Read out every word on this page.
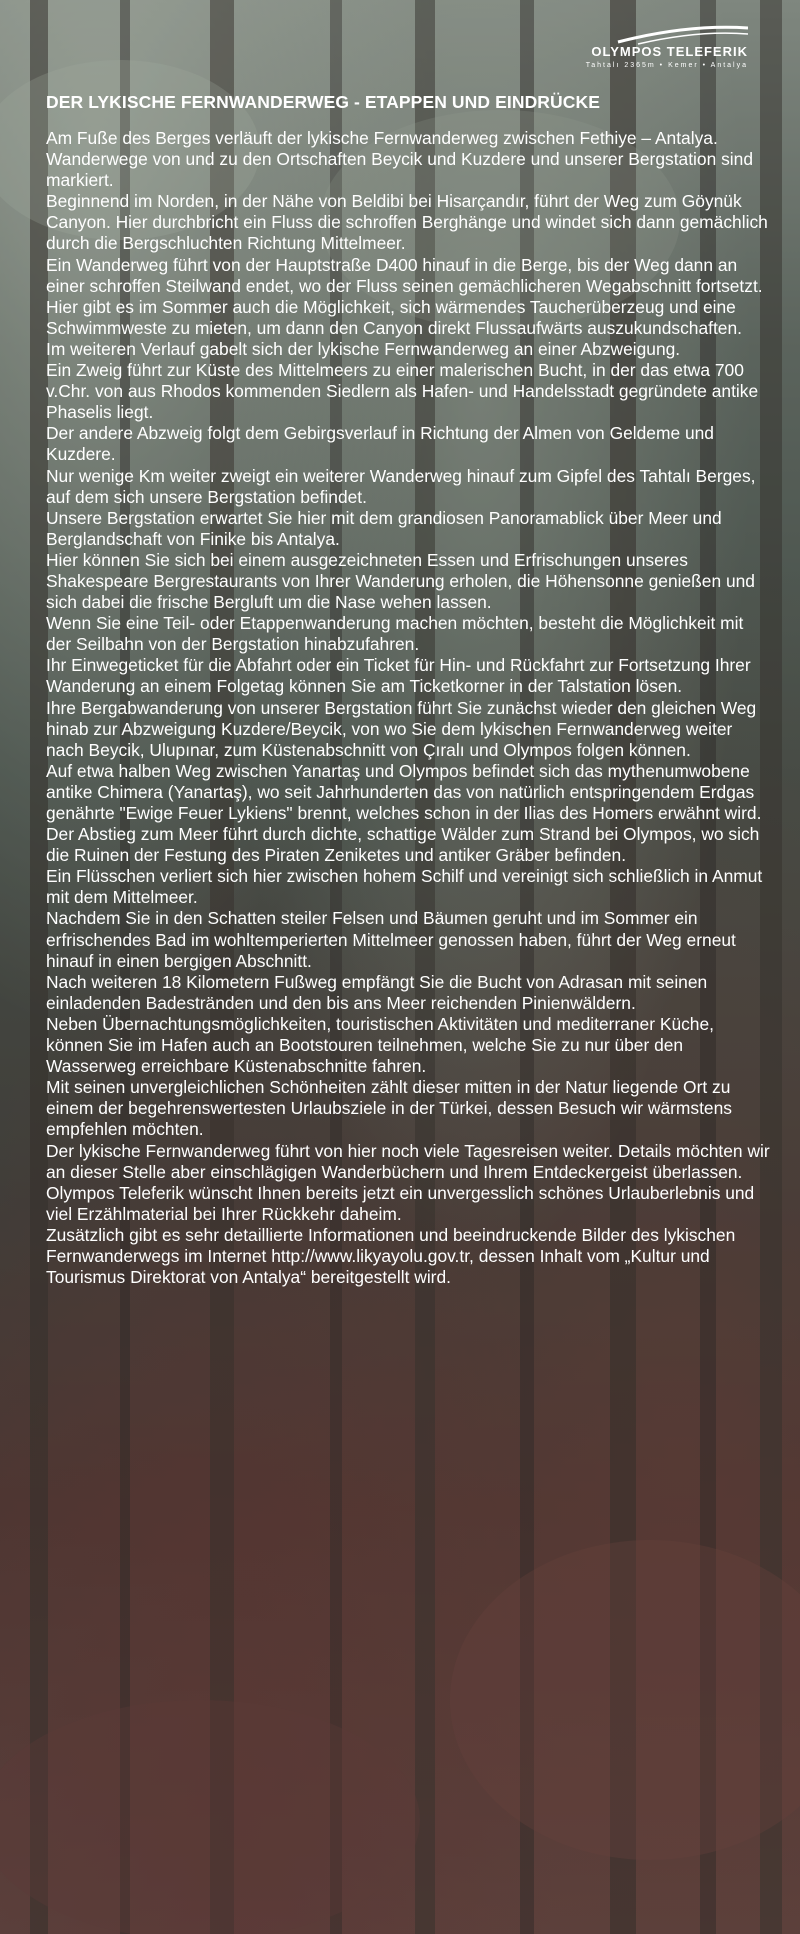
OLYMPOS TELEFERIK
Tahtalı 2365m • Kemer • Antalya
DER LYKISCHE FERNWANDERWEG - ETAPPEN UND EINDRÜCKE

Am Fuße des Berges verläuft der lykische Fernwanderweg zwischen Fethiye – Antalya. Wanderwege von und zu den Ortschaften Beycik und Kuzdere und unserer Bergstation sind markiert.

Beginnend im Norden, in der Nähe von Beldibi bei Hisarçandır, führt der Weg zum Göynük Canyon. Hier durchbricht ein Fluss die schroffen Berghänge und windet sich dann gemächlich durch die Bergschluchten Richtung Mittelmeer.

Ein Wanderweg führt von der Hauptstraße D400 hinauf in die Berge, bis der Weg dann an einer schroffen Steilwand endet, wo der Fluss seinen gemächlicheren Wegabschnitt fortsetzt.

Hier gibt es im Sommer auch die Möglichkeit, sich wärmendes Taucherüberzeug und eine Schwimmweste zu mieten, um dann den Canyon direkt Flussaufwärts auszukundschaften.

Im weiteren Verlauf gabelt sich der lykische Fernwanderweg an einer Abzweigung.

Ein Zweig führt zur Küste des Mittelmeers zu einer malerischen Bucht, in der das etwa 700 v.Chr. von aus Rhodos kommenden Siedlern als Hafen- und Handelsstadt gegründete antike Phaselis liegt.

Der andere Abzweig folgt dem Gebirgsverlauf in Richtung der Almen von Geldeme und Kuzdere.

Nur wenige Km weiter zweigt ein weiterer Wanderweg hinauf zum Gipfel des Tahtalı Berges, auf dem sich unsere Bergstation befindet.

Unsere Bergstation erwartet Sie hier mit dem grandiosen Panoramablick über Meer und Berglandschaft von Finike bis Antalya.

Hier können Sie sich bei einem ausgezeichneten Essen und Erfrischungen unseres Shakespeare Bergrestaurants von Ihrer Wanderung erholen, die Höhensonne genießen und sich dabei die frische Bergluft um die Nase wehen lassen.

Wenn Sie eine Teil- oder Etappenwanderung machen möchten, besteht die Möglichkeit mit der Seilbahn von der Bergstation hinabzufahren.

Ihr Einwegeticket für die Abfahrt oder ein Ticket für Hin- und Rückfahrt zur Fortsetzung Ihrer Wanderung an einem Folgetag können Sie am Ticketkorner in der Talstation lösen.

Ihre Bergabwanderung von unserer Bergstation führt Sie zunächst wieder den gleichen Weg hinab zur Abzweigung Kuzdere/Beycik, von wo Sie dem lykischen Fernwanderweg weiter nach Beycik, Ulupınar, zum Küstenabschnitt von Çıralı und Olympos folgen können.

Auf etwa halben Weg zwischen Yanartaş und Olympos befindet sich das mythenumwobene antike Chimera (Yanartaş), wo seit Jahrhunderten das von natürlich entspringendem Erdgas genährte "Ewige Feuer Lykiens" brennt, welches schon in der Ilias des Homers erwähnt wird.

Der Abstieg zum Meer führt durch dichte, schattige Wälder zum Strand bei Olympos, wo sich die Ruinen der Festung des Piraten Zeniketes und antiker Gräber befinden.

Ein Flüsschen verliert sich hier zwischen hohem Schilf und vereinigt sich schließlich in Anmut mit dem Mittelmeer.

Nachdem Sie in den Schatten steiler Felsen und Bäumen geruht und im Sommer ein erfrischendes Bad im wohltemperierten Mittelmeer genossen haben, führt der Weg erneut hinauf in einen bergigen Abschnitt.

Nach weiteren 18 Kilometern Fußweg empfängt Sie die Bucht von Adrasan mit seinen einladenden Badestränden und den bis ans Meer reichenden Pinienwäldern.

Neben Übernachtungsmöglichkeiten, touristischen Aktivitäten und mediterraner Küche, können Sie im Hafen auch an Bootstouren teilnehmen, welche Sie zu nur über den Wasserweg erreichbare Küstenabschnitte fahren.

Mit seinen unvergleichlichen Schönheiten zählt dieser mitten in der Natur liegende Ort zu einem der begehrenswertesten Urlaubsziele in der Türkei, dessen Besuch wir wärmstens empfehlen möchten.

Der lykische Fernwanderweg führt von hier noch viele Tagesreisen weiter. Details möchten wir an dieser Stelle aber einschlägigen Wanderbüchern und Ihrem Entdeckergeist überlassen.

Olympos Teleferik wünscht Ihnen bereits jetzt ein unvergesslich schönes Urlauberlebnis und viel Erzählmaterial bei Ihrer Rückkehr daheim.

Zusätzlich gibt es sehr detaillierte Informationen und beeindruckende Bilder des lykischen Fernwanderwegs im Internet http://www.likyayolu.gov.tr, dessen Inhalt vom „Kultur und Tourismus Direktorat von Antalya“ bereitgestellt wird.
